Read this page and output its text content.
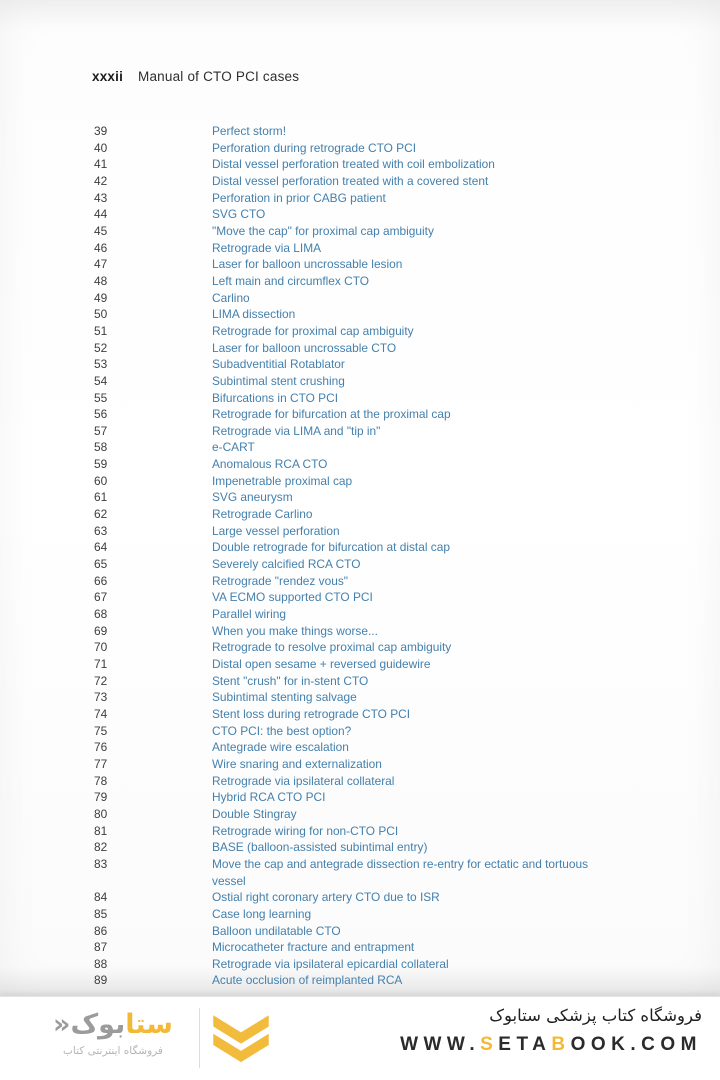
xxxii Manual of CTO PCI cases
39	Perfect storm!
40	Perforation during retrograde CTO PCI
41	Distal vessel perforation treated with coil embolization
42	Distal vessel perforation treated with a covered stent
43	Perforation in prior CABG patient
44	SVG CTO
45	"Move the cap" for proximal cap ambiguity
46	Retrograde via LIMA
47	Laser for balloon uncrossable lesion
48	Left main and circumflex CTO
49	Carlino
50	LIMA dissection
51	Retrograde for proximal cap ambiguity
52	Laser for balloon uncrossable CTO
53	Subadventitial Rotablator
54	Subintimal stent crushing
55	Bifurcations in CTO PCI
56	Retrograde for bifurcation at the proximal cap
57	Retrograde via LIMA and "tip in"
58	e-CART
59	Anomalous RCA CTO
60	Impenetrable proximal cap
61	SVG aneurysm
62	Retrograde Carlino
63	Large vessel perforation
64	Double retrograde for bifurcation at distal cap
65	Severely calcified RCA CTO
66	Retrograde "rendez vous"
67	VA ECMO supported CTO PCI
68	Parallel wiring
69	When you make things worse...
70	Retrograde to resolve proximal cap ambiguity
71	Distal open sesame + reversed guidewire
72	Stent "crush" for in-stent CTO
73	Subintimal stenting salvage
74	Stent loss during retrograde CTO PCI
75	CTO PCI: the best option?
76	Antegrade wire escalation
77	Wire snaring and externalization
78	Retrograde via ipsilateral collateral
79	Hybrid RCA CTO PCI
80	Double Stingray
81	Retrograde wiring for non-CTO PCI
82	BASE (balloon-assisted subintimal entry)
83	Move the cap and antegrade dissection re-entry for ectatic and tortuous vessel
84	Ostial right coronary artery CTO due to ISR
85	Case long learning
86	Balloon undilatable CTO
87	Microcatheter fracture and entrapment
88	Retrograde via ipsilateral epicardial collateral
89	Acute occlusion of reimplanted RCA
ستابوک«
فروشگاه اینترنتی کتاب
فروشگاه کتاب پزشکی ستابوک
WWW.SETABOOK.COM
